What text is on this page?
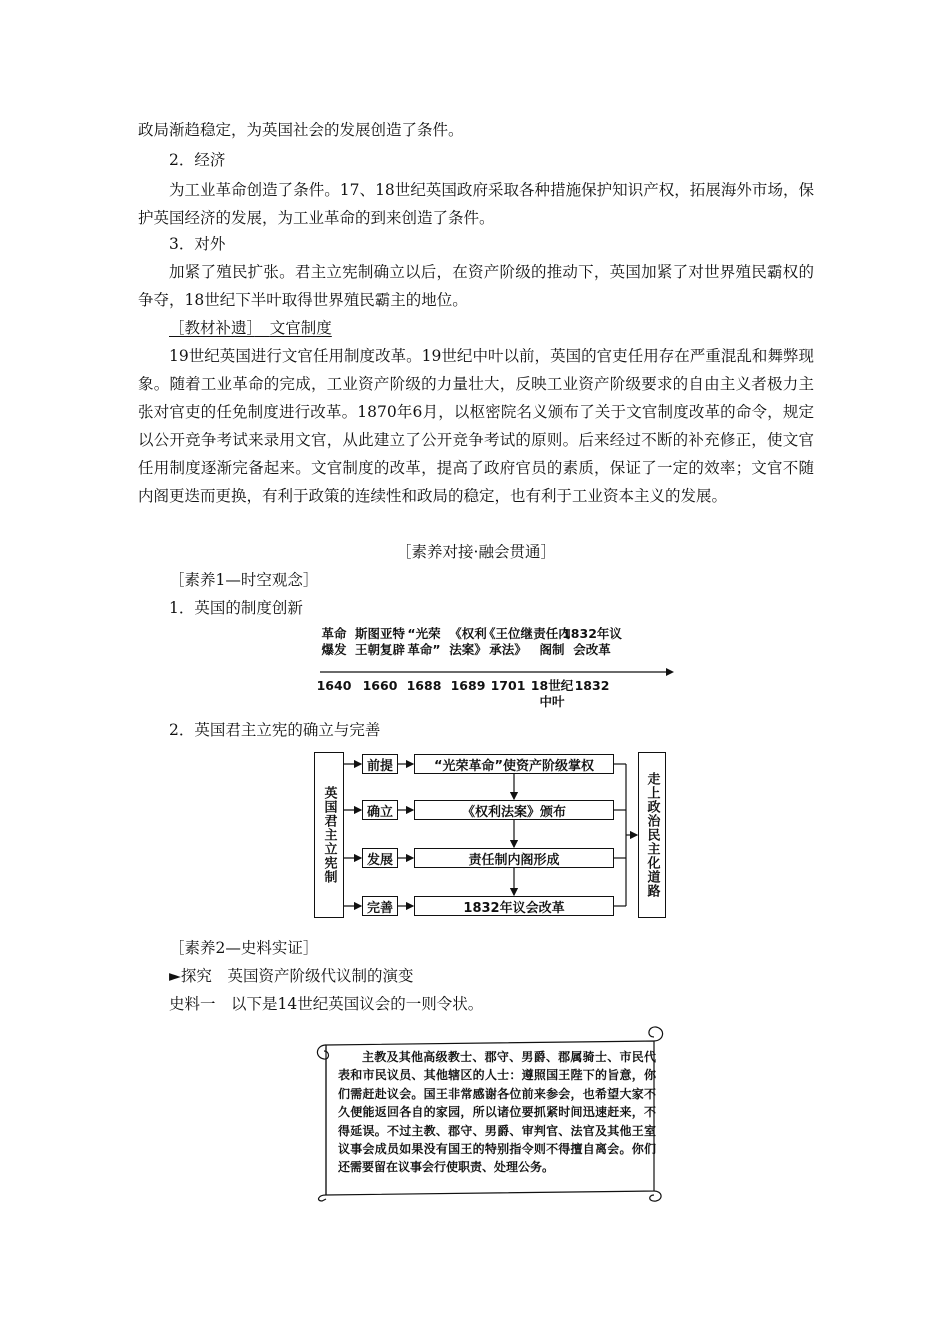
政局渐趋稳定，为英国社会的发展创造了条件。

2．经济

为工业革命创造了条件。17、18世纪英国政府采取各种措施保护知识产权，拓展海外市场，保护英国经济的发展，为工业革命的到来创造了条件。

3．对外

加紧了殖民扩张。君主立宪制确立以后，在资产阶级的推动下，英国加紧了对世界殖民霸权的争夺，18世纪下半叶取得世界殖民霸主的地位。

［教材补遗］　 文官制度

19世纪英国进行文官任用制度改革。19世纪中叶以前，英国的官吏任用存在严重混乱和舞弊现象。随着工业革命的完成，工业资产阶级的力量壮大，反映工业资产阶级要求的自由主义者极力主张对官吏的任免制度进行改革。1870年6月，以枢密院名义颁布了关于文官制度改革的命令，规定以公开竞争考试来录用文官，从此建立了公开竞争考试的原则。后来经过不断的补充修正，使文官任用制度逐渐完备起来。文官制度的改革，提高了政府官员的素质，保证了一定的效率；文官不随内阁更迭而更换，有利于政策的连续性和政局的稳定，也有利于工业资本主义的发展。

［素养对接·融会贯通］

［素养1—时空观念］

1．英国的制度创新

革命
爆发
1640
斯图亚特
王朝复辟
1660
“光荣
革命”
1688
《权利
法案》
1689
《王位继
承法》
1701
责任内
阁制
18世纪
中叶
1832年议
会改革
1832

2．英国君主立宪的确立与完善

英国君主立宪制	走上政治民主化道路
前提	“光荣革命”使资产阶级掌权
确立	《权利法案》颁布
发展	责任制内阁形成
完善	1832年议会改革

［素养2—史料实证］

►探究　 英国资产阶级代议制的演变

史料一　以下是14世纪英国议会的一则令状。

主教及其他高级教士、郡守、男爵、郡属骑士、市民代表和市民议员、其他辖区的人士：遵照国王陛下的旨意，你们需赶赴议会。国王非常感谢各位前来参会，也希望大家不久便能返回各自的家园，所以诸位要抓紧时间迅速赶来，不得延误。不过主教、郡守、男爵、审判官、法官及其他王室议事会成员如果没有国王的特别指令则不得擅自离会。你们还需要留在议事会行使职责、处理公务。
